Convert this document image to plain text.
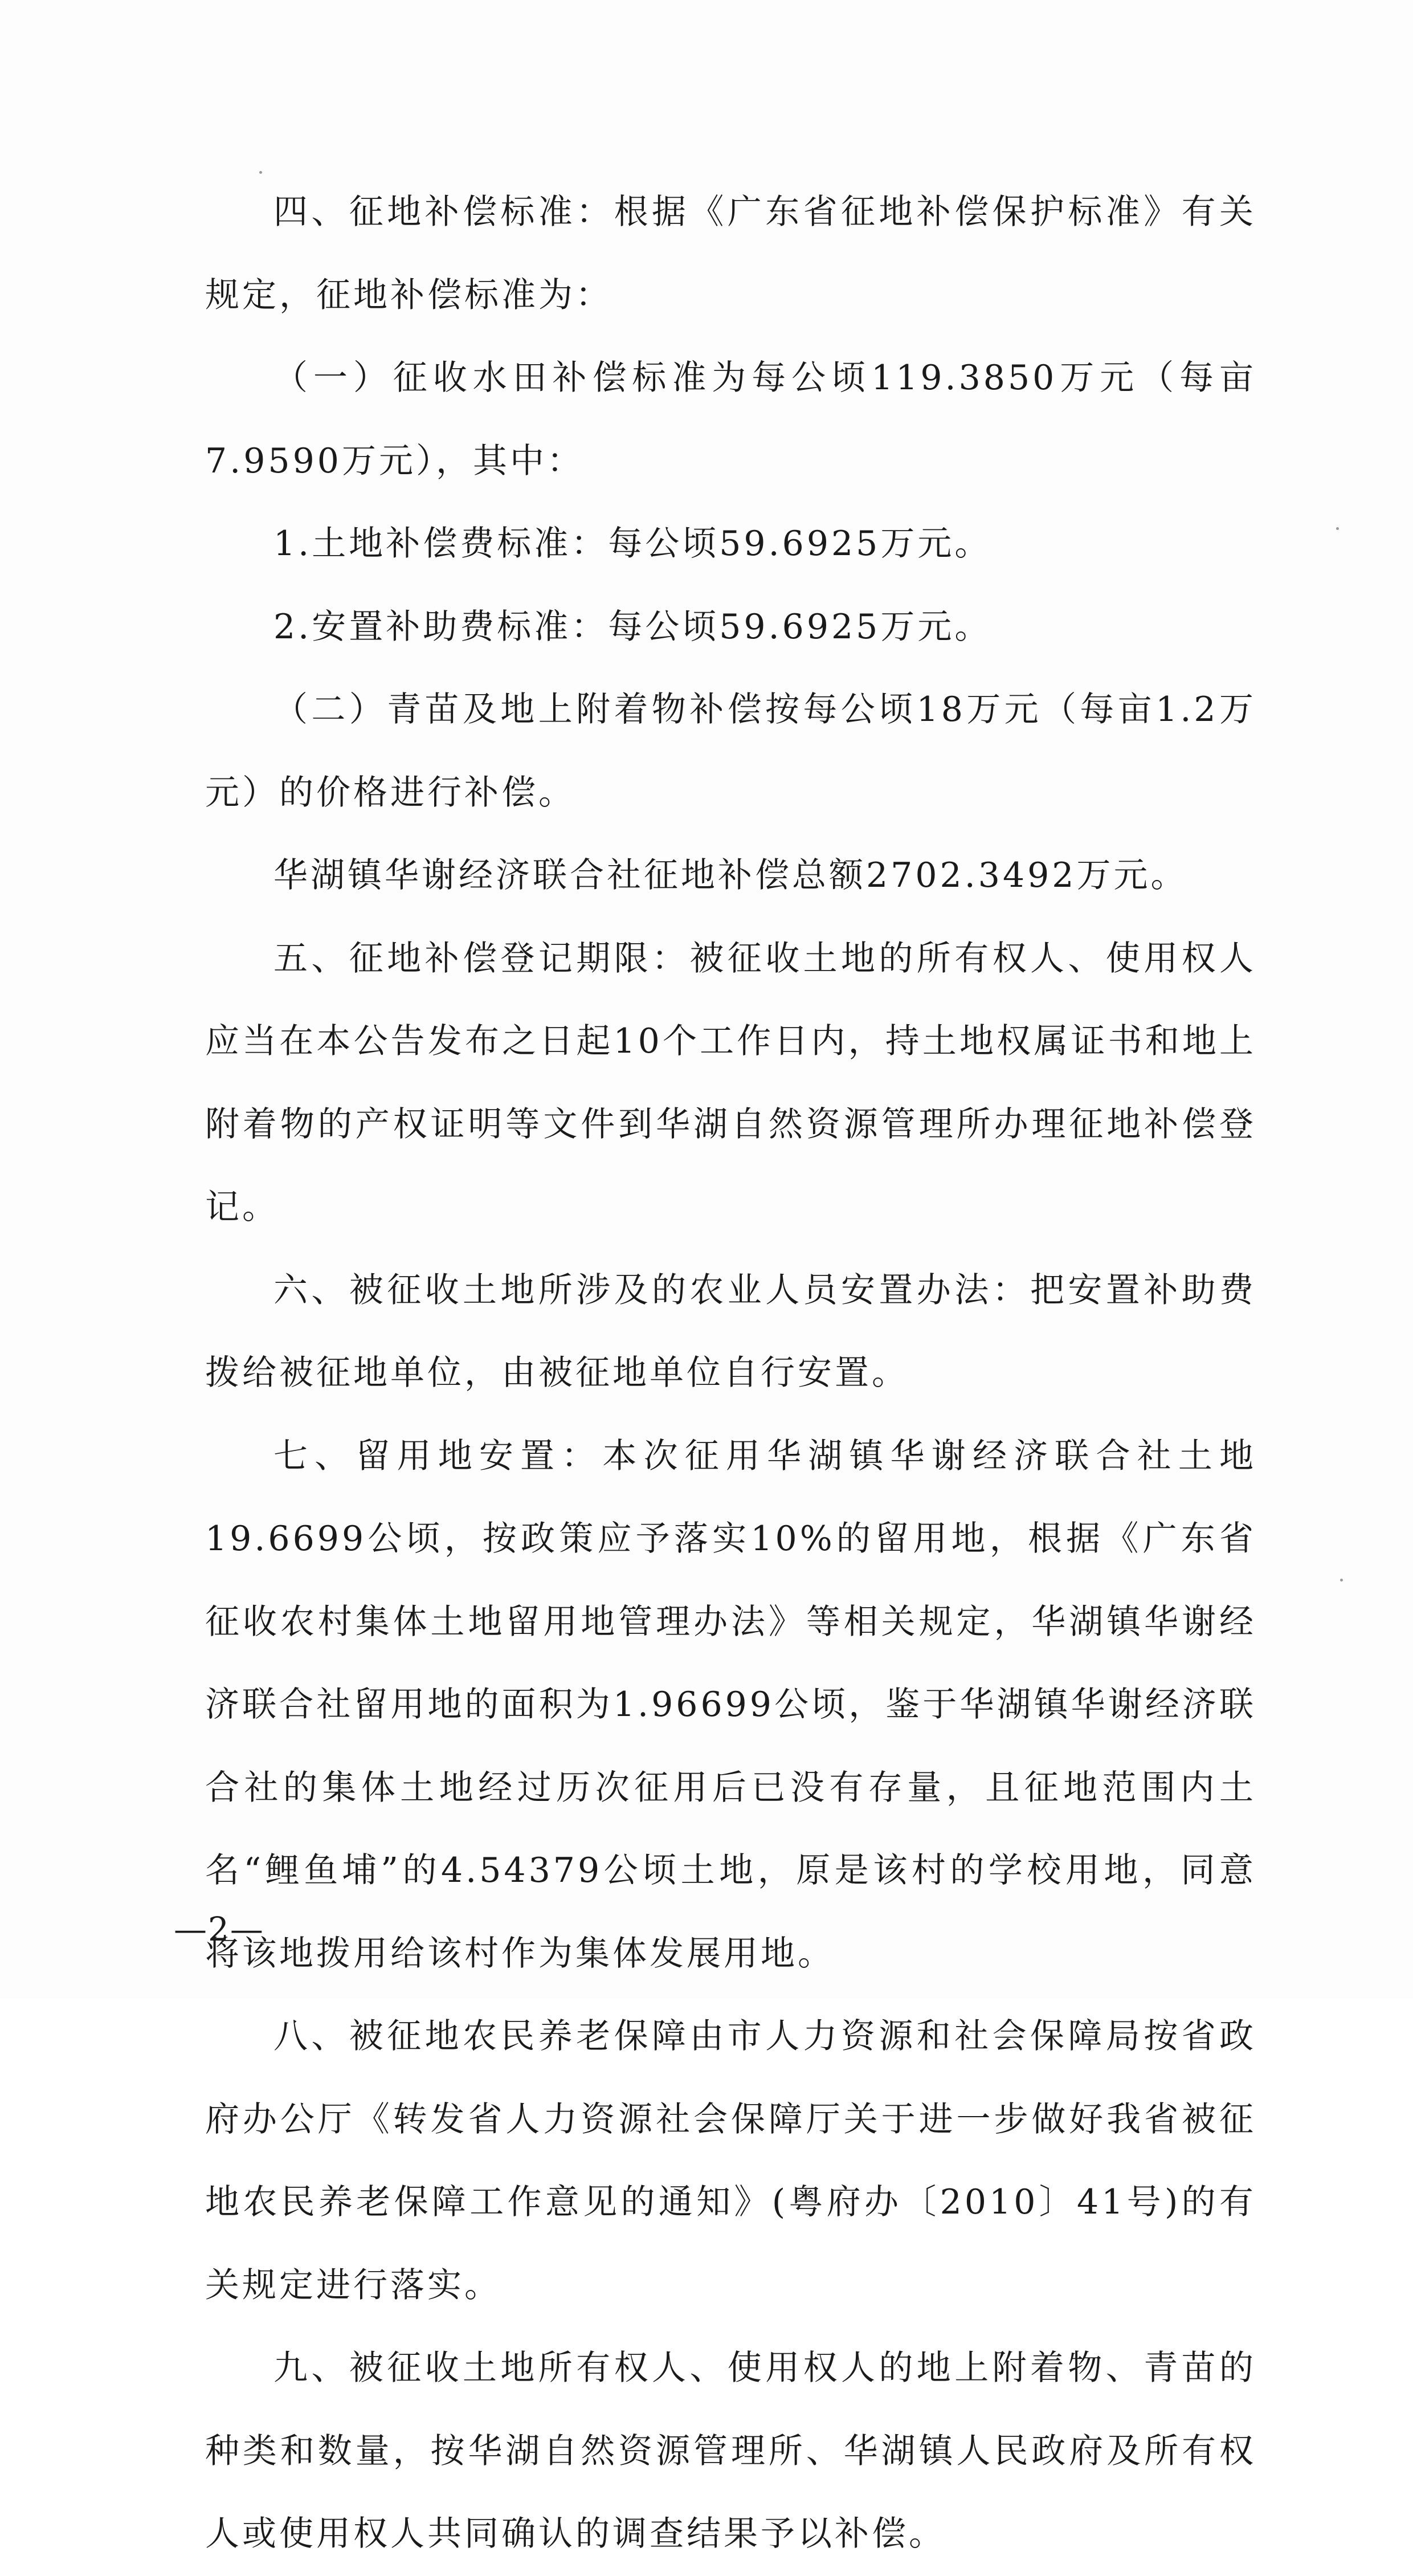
四、征地补偿标准：根据《广东省征地补偿保护标准》有关规定，征地补偿标准为：

（一）征收水田补偿标准为每公顷119.3850万元（每亩7.9590万元），其中：

1.土地补偿费标准：每公顷59.6925万元。

2.安置补助费标准：每公顷59.6925万元。

（二）青苗及地上附着物补偿按每公顷18万元（每亩1.2万元）的价格进行补偿。

华湖镇华谢经济联合社征地补偿总额2702.3492万元。

五、征地补偿登记期限：被征收土地的所有权人、使用权人应当在本公告发布之日起10个工作日内，持土地权属证书和地上附着物的产权证明等文件到华湖自然资源管理所办理征地补偿登记。

六、被征收土地所涉及的农业人员安置办法：把安置补助费拨给被征地单位，由被征地单位自行安置。

七、留用地安置：本次征用华湖镇华谢经济联合社土地19.6699公顷，按政策应予落实10%的留用地，根据《广东省征收农村集体土地留用地管理办法》等相关规定，华湖镇华谢经济联合社留用地的面积为1.96699公顷，鉴于华湖镇华谢经济联合社的集体土地经过历次征用后已没有存量，且征地范围内土名“鲤鱼埔”的4.54379公顷土地，原是该村的学校用地，同意将该地拨用给该村作为集体发展用地。

八、被征地农民养老保障由市人力资源和社会保障局按省政府办公厅《转发省人力资源社会保障厅关于进一步做好我省被征地农民养老保障工作意见的通知》(粤府办〔2010〕41号)的有关规定进行落实。

九、被征收土地所有权人、使用权人的地上附着物、青苗的种类和数量，按华湖自然资源管理所、华湖镇人民政府及所有权人或使用权人共同确认的调查结果予以补偿。

—2—
